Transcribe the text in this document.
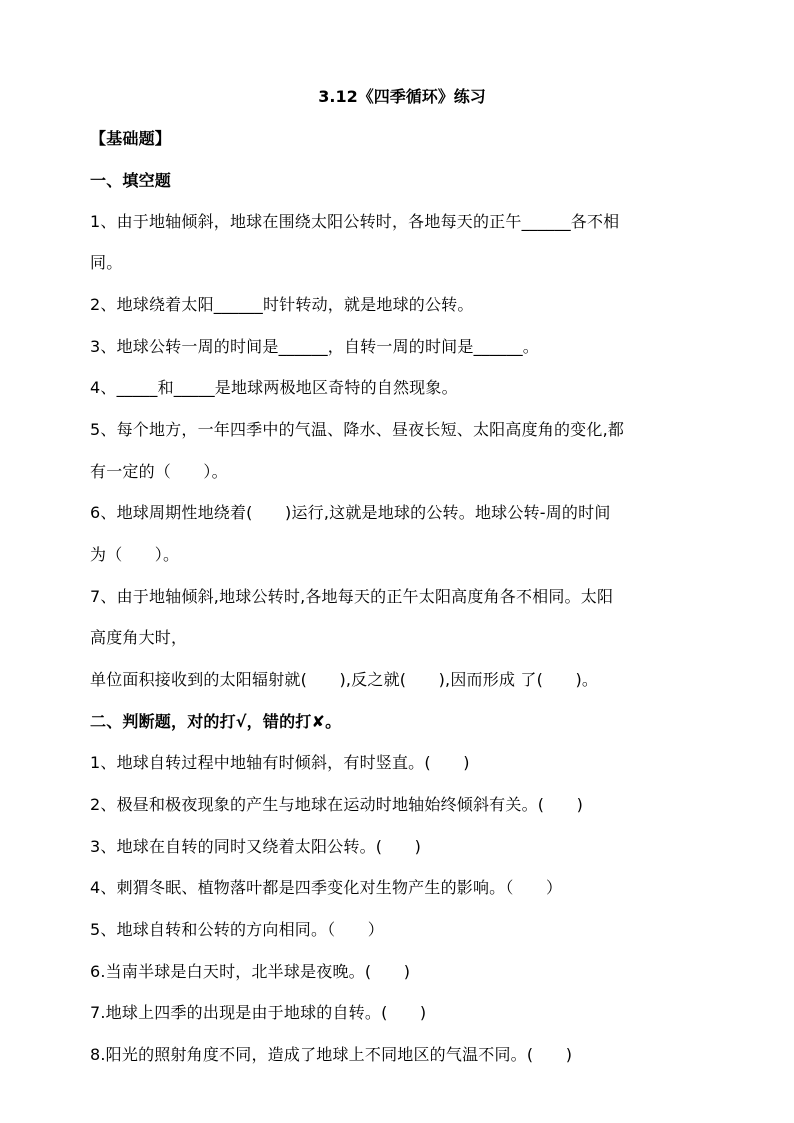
3.12《四季循环》练习
【基础题】
一、填空题
1、由于地轴倾斜，地球在围绕太阳公转时，各地每天的正午______各不相
同。
2、地球绕着太阳______时针转动，就是地球的公转。
3、地球公转一周的时间是______，自转一周的时间是______。
4、_____和_____是地球两极地区奇特的自然现象。
5、每个地方，一年四季中的气温、降水、昼夜长短、太阳高度角的变化,都
有一定的（　　）。
6、地球周期性地绕着(　　)运行,这就是地球的公转。地球公转-周的时间
为（　　）。
7、由于地轴倾斜,地球公转时,各地每天的正午太阳高度角各不相同。太阳
高度角大时，
单位面积接收到的太阳辐射就(　　),反之就(　　),因而形成 了(　　)。
二、判断题，对的打√，错的打✘。
1、地球自转过程中地轴有时倾斜，有时竖直。(　　)
2、极昼和极夜现象的产生与地球在运动时地轴始终倾斜有关。(　　)
3、地球在自转的同时又绕着太阳公转。(　　)
4、刺猬冬眠、植物落叶都是四季变化对生物产生的影响。（　　）
5、地球自转和公转的方向相同。（　　）
6.当南半球是白天时，北半球是夜晚。(　　)
7.地球上四季的出现是由于地球的自转。(　　)
8.阳光的照射角度不同，造成了地球上不同地区的气温不同。(　　)
